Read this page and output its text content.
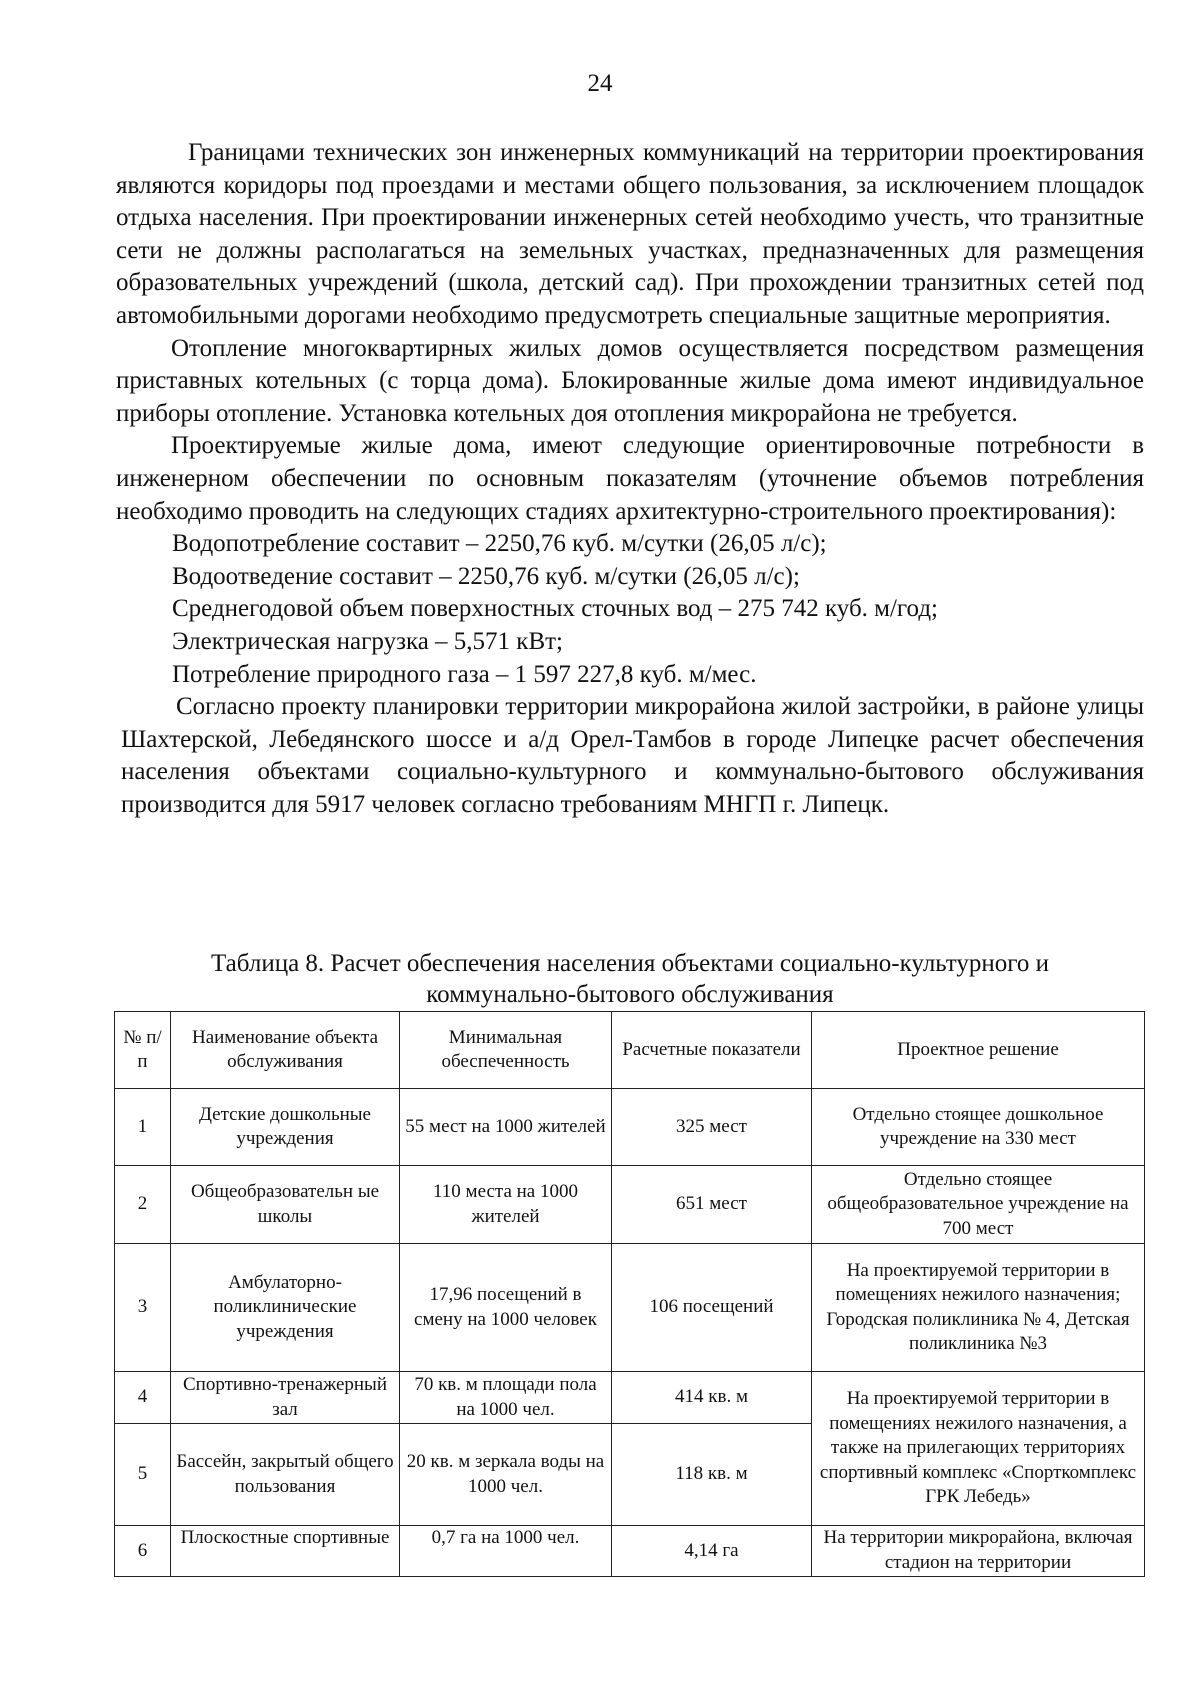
24

Границами технических зон инженерных коммуникаций на территории проектирования являются коридоры под проездами и местами общего пользования, за исключением площадок отдыха населения. При проектировании инженерных сетей необходимо учесть, что транзитные сети не должны располагаться на земельных участках, предназначенных для размещения образовательных учреждений (школа, детский сад). При прохождении транзитных сетей под автомобильными дорогами необходимо предусмотреть специальные защитные мероприятия.

Отопление многоквартирных жилых домов осуществляется посредством размещения приставных котельных (с торца дома). Блокированные жилые дома имеют индивидуальное приборы отопление. Установка котельных доя отопления микрорайона не требуется.

Проектируемые жилые дома, имеют следующие ориентировочные потребности в инженерном обеспечении по основным показателям (уточнение объемов потребления необходимо проводить на следующих стадиях архитектурно-строительного проектирования):

Водопотребление составит – 2250,76 куб. м/сутки (26,05 л/с);

Водоотведение составит – 2250,76 куб. м/сутки (26,05 л/с);

Среднегодовой объем поверхностных сточных вод – 275 742 куб. м/год;

Электрическая нагрузка – 5,571 кВт;

Потребление природного газа – 1 597 227,8 куб. м/мес.

Согласно проекту планировки территории микрорайона жилой застройки, в районе улицы Шахтерской, Лебедянского шоссе и а/д Орел-Тамбов в городе Липецке расчет обеспечения населения объектами социально-культурного и коммунально-бытового обслуживания производится для 5917 человек согласно требованиям МНГП г. Липецк.

Таблица 8. Расчет обеспечения населения объектами социально-культурного и
коммунально-бытового обслуживания
№ п/ п	Наименование объекта обслуживания	Минимальная обеспеченность	Расчетные показатели	Проектное решение
1	Детские дошкольные учреждения	55 мест на 1000 жителей	325 мест	Отдельно стоящее дошкольное учреждение на 330 мест
2	Общеобразовательн ые школы	110 места на 1000 жителей	651 мест	Отдельно стоящее общеобразовательное учреждение на 700 мест
3	Амбулаторно-поликлинические учреждения	17,96 посещений в смену на 1000 человек	106 посещений	На проектируемой территории в помещениях нежилого назначения; Городская поликлиника № 4, Детская поликлиника №3
4	Спортивно-тренажерный зал	70 кв. м площади пола на 1000 чел.	414 кв. м	На проектируемой территории в помещениях нежилого назначения, а также на прилегающих территориях спортивный комплекс «Спорткомплекс ГРК Лебедь»
5	Бассейн, закрытый общего пользования	20 кв. м зеркала воды на 1000 чел.	118 кв. м	
6	Плоскостные спортивные	0,7 га на 1000 чел.	4,14 га	На территории микрорайона, включая стадион на территории
